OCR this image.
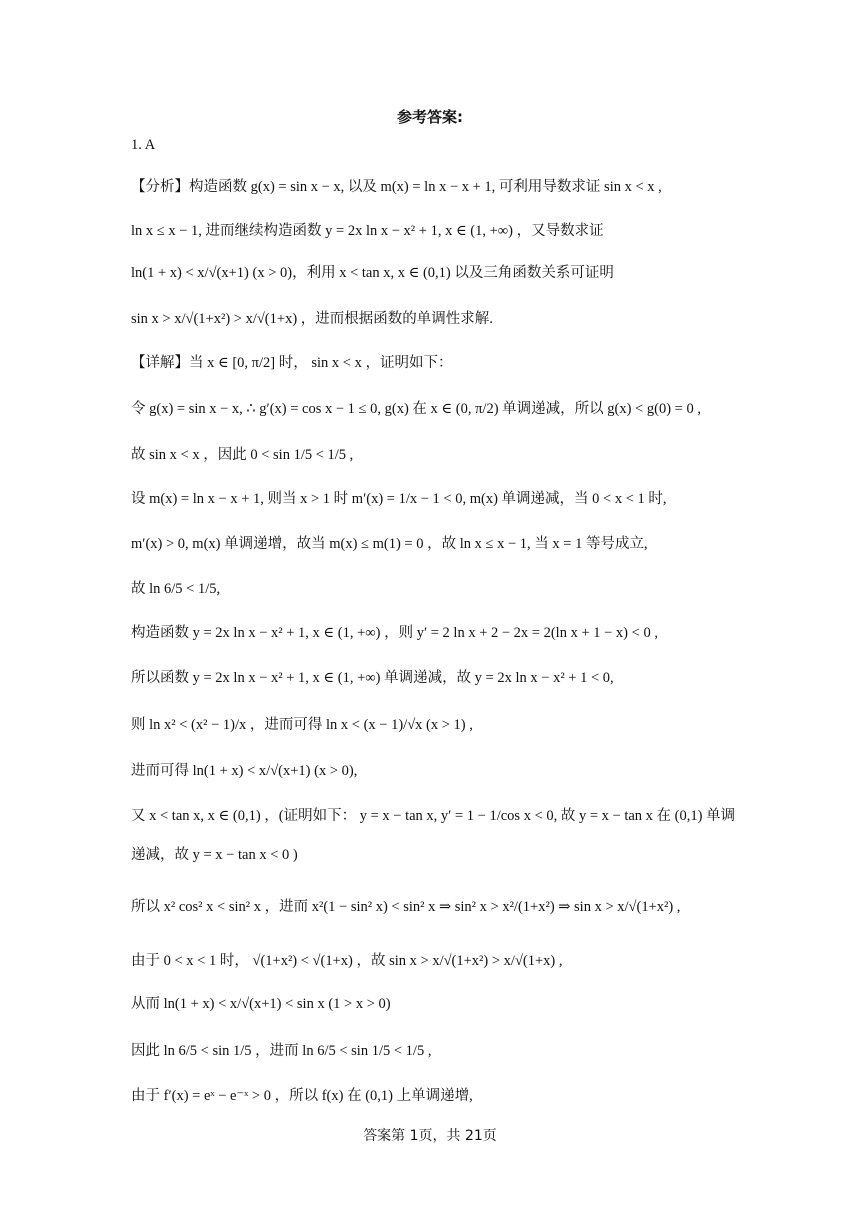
参考答案:
1. A
【分析】构造函数 g(x) = sin x − x, 以及 m(x) = ln x − x + 1, 可利用导数求证 sin x < x ,
ln x ≤ x − 1, 进而继续构造函数 y = 2x ln x − x² + 1, x ∈ (1, +∞) ，又导数求证
ln(1 + x) < x/√(x+1) (x > 0)，利用 x < tan x, x ∈ (0,1) 以及三角函数关系可证明
sin x > x/√(1+x²) > x/√(1+x) ，进而根据函数的单调性求解.
【详解】当 x ∈ [0, π/2] 时， sin x < x ，证明如下：
令 g(x) = sin x − x, ∴ g′(x) = cos x − 1 ≤ 0, g(x) 在 x ∈ (0, π/2) 单调递减，所以 g(x) < g(0) = 0 ,
故 sin x < x ，因此 0 < sin 1/5 < 1/5 ,
设 m(x) = ln x − x + 1, 则当 x > 1 时 m′(x) = 1/x − 1 < 0, m(x) 单调递减，当 0 < x < 1 时,
m′(x) > 0, m(x) 单调递增，故当 m(x) ≤ m(1) = 0 ，故 ln x ≤ x − 1, 当 x = 1 等号成立,
故 ln 6/5 < 1/5,
构造函数 y = 2x ln x − x² + 1, x ∈ (1, +∞) ，则 y′ = 2 ln x + 2 − 2x = 2(ln x + 1 − x) < 0 ,
所以函数 y = 2x ln x − x² + 1, x ∈ (1, +∞) 单调递减，故 y = 2x ln x − x² + 1 < 0,
则 ln x² < (x² − 1)/x ，进而可得 ln x < (x − 1)/√x (x > 1) ,
进而可得 ln(1 + x) < x/√(x+1) (x > 0),
又 x < tan x, x ∈ (0,1) ，(证明如下： y = x − tan x, y′ = 1 − 1/cos x < 0, 故 y = x − tan x 在 (0,1) 单调
递减，故 y = x − tan x < 0 )
所以 x² cos² x < sin² x ，进而 x²(1 − sin² x) < sin² x ⇒ sin² x > x²/(1+x²) ⇒ sin x > x/√(1+x²) ,
由于 0 < x < 1 时， √(1+x²) < √(1+x) ，故 sin x > x/√(1+x²) > x/√(1+x) ,
从而 ln(1 + x) < x/√(x+1) < sin x (1 > x > 0)
因此 ln 6/5 < sin 1/5 ，进而 ln 6/5 < sin 1/5 < 1/5 ,
由于 f′(x) = eˣ − e⁻ˣ > 0 ，所以 f(x) 在 (0,1) 上单调递增,
答案第 1页，共 21页
